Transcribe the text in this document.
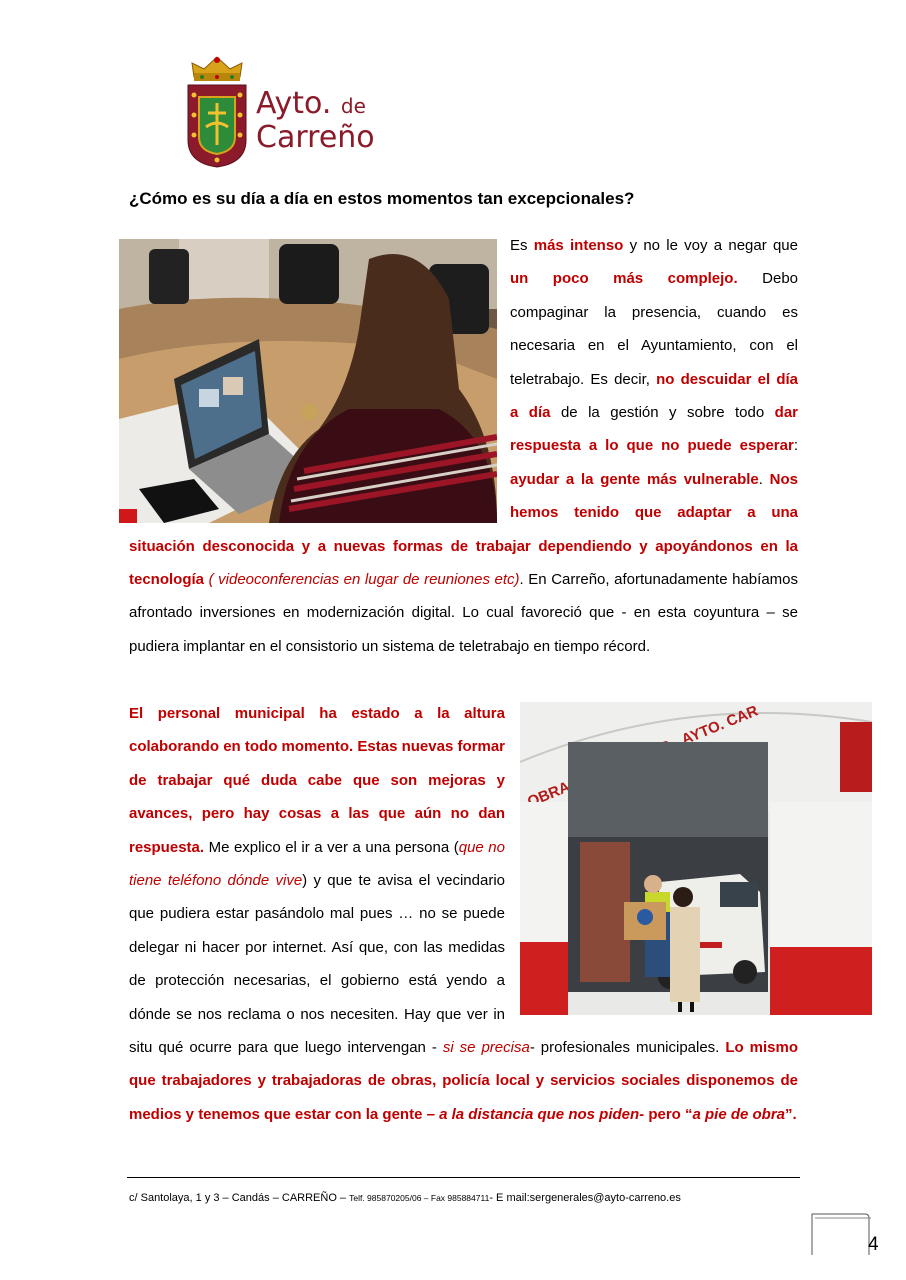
Ayto. de
Carreño
¿Cómo es su día a día en estos momentos tan excepcionales?
Es más intenso y no le voy a negar que un poco más complejo. Debo compaginar la presencia, cuando es necesaria en el Ayuntamiento, con el teletrabajo. Es decir, no descuidar el día a día de la gestión y sobre todo dar respuesta a lo que no puede esperar: ayudar a la gente más vulnerable. Nos hemos tenido que adaptar a una situación desconocida y a nuevas formas de trabajar dependiendo y apoyándonos en la tecnología ( videoconferencias en lugar de reuniones etc). En Carreño, afortunadamente habíamos afrontado inversiones en modernización digital. Lo cual favoreció que - en esta coyuntura – se pudiera implantar en el consistorio un sistema de teletrabajo en tiempo récord.
OBRAS AYTO. CAR
El personal municipal ha estado a la altura colaborando en todo momento. Estas nuevas formar de trabajar qué duda cabe que son mejoras y avances, pero hay cosas a las que aún no dan respuesta. Me explico el ir a ver a una persona (que no tiene teléfono dónde vive) y que te avisa el vecindario que pudiera estar pasándolo mal pues … no se puede delegar ni hacer por internet. Así que, con las medidas de protección necesarias, el gobierno está yendo a dónde se nos reclama o nos necesiten. Hay que ver in situ qué ocurre para que luego intervengan - si se precisa- profesionales municipales. Lo mismo que trabajadores y trabajadoras de obras, policía local y servicios sociales disponemos de medios y tenemos que estar con la gente – a la distancia que nos piden- pero “a pie de obra”.
c/ Santolaya, 1 y 3 – Candás – CARREÑO – Telf. 985870205/06 – Fax 985884711- E mail:sergenerales@ayto-carreno.es
4
